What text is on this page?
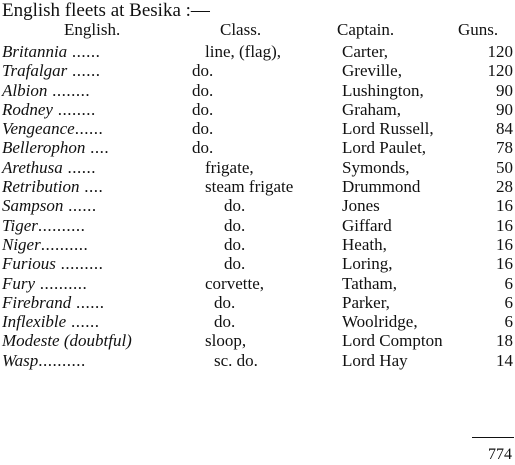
English fleets at Besika :—
English.	Class.	Captain.	Guns.
Britannia ......	line, (flag),	Carter,	120
Trafalgar ......	do.	Greville,	120
Albion ........	do.	Lushington,	90
Rodney ........	do.	Graham,	90
Vengeance......	do.	Lord Russell,	84
Bellerophon ....	do.	Lord Paulet,	78
Arethusa ......	frigate,	Symonds,	50
Retribution ....	steam frigate	Drummond	28
Sampson ......	do.	Jones	16
Tiger..........	do.	Giffard	16
Niger..........	do.	Heath,	16
Furious .........	do.	Loring,	16
Fury ..........	corvette,	Tatham,	6
Firebrand ......	do.	Parker,	6
Inflexible ......	do.	Woolridge,	6
Modeste (doubtful)	sloop,	Lord Compton	18
Wasp..........	sc. do.	Lord Hay	14
774
